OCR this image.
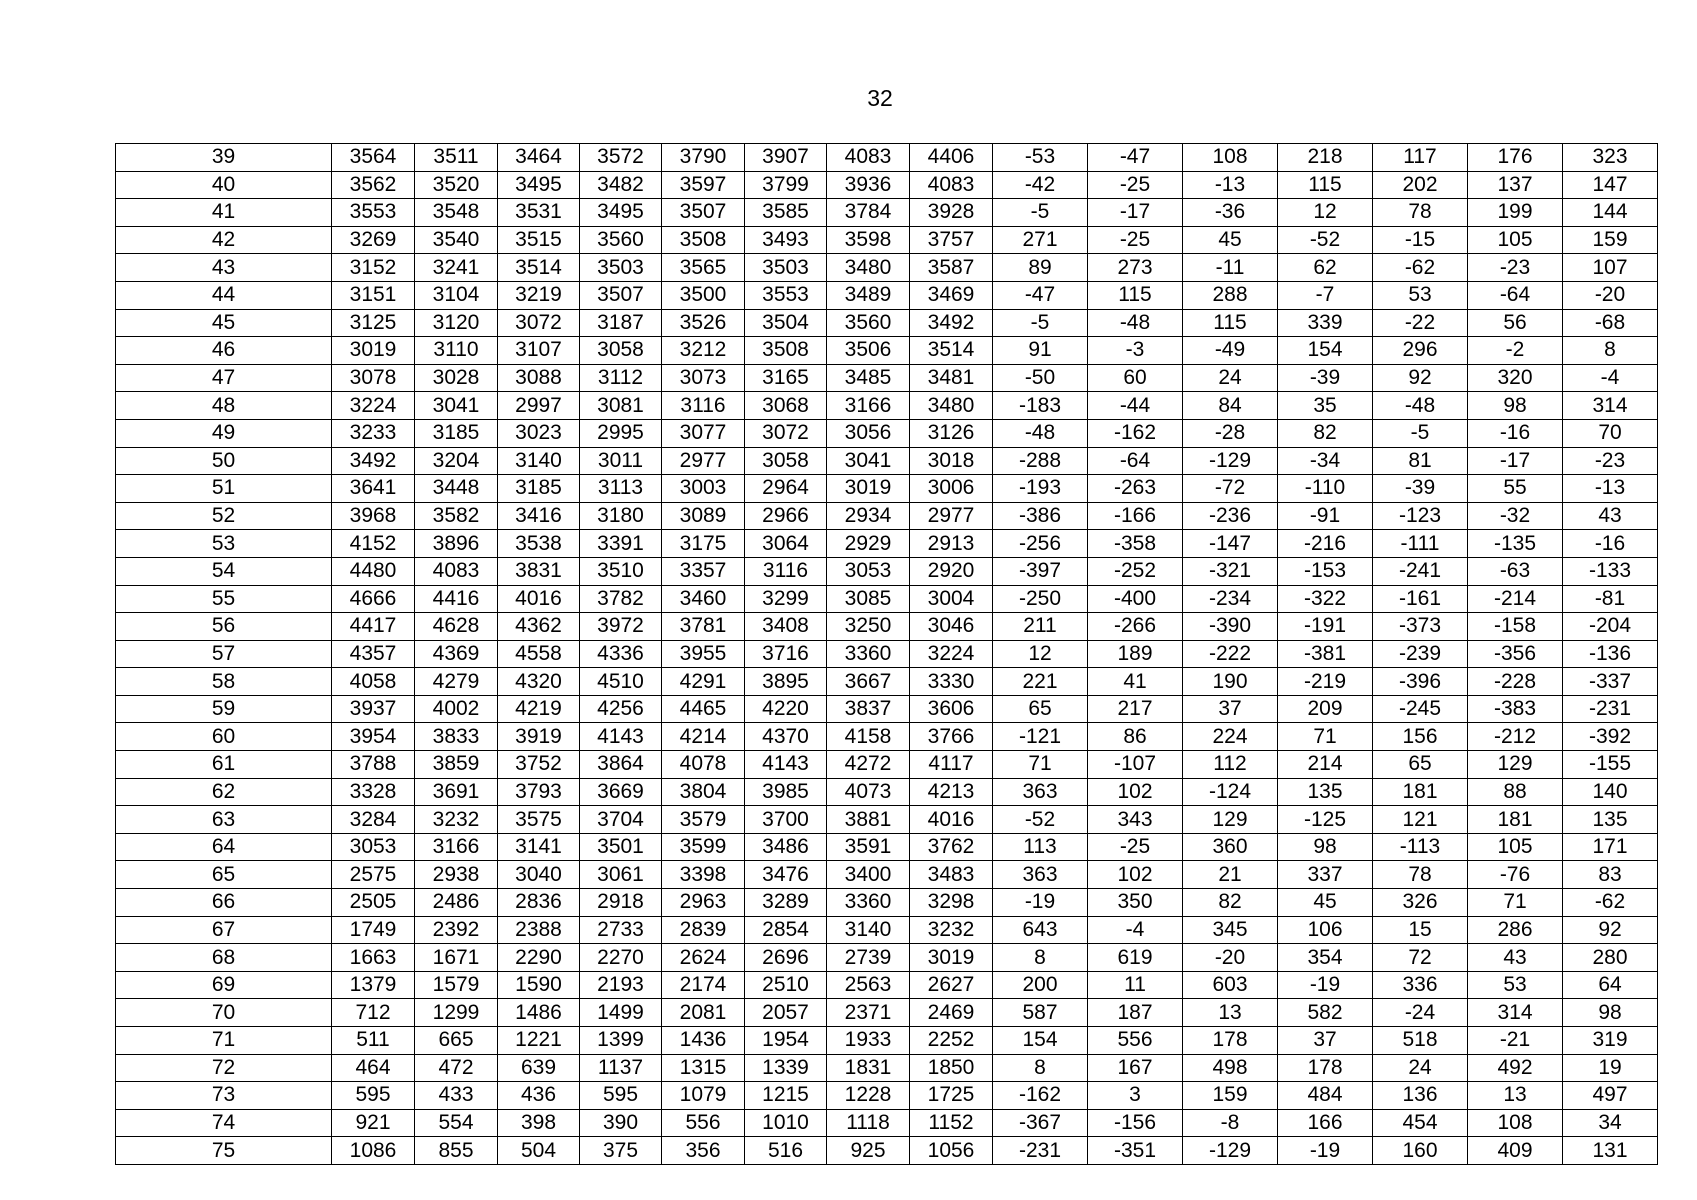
32
39	3564	3511	3464	3572	3790	3907	4083	4406	-53	-47	108	218	117	176	323
40	3562	3520	3495	3482	3597	3799	3936	4083	-42	-25	-13	115	202	137	147
41	3553	3548	3531	3495	3507	3585	3784	3928	-5	-17	-36	12	78	199	144
42	3269	3540	3515	3560	3508	3493	3598	3757	271	-25	45	-52	-15	105	159
43	3152	3241	3514	3503	3565	3503	3480	3587	89	273	-11	62	-62	-23	107
44	3151	3104	3219	3507	3500	3553	3489	3469	-47	115	288	-7	53	-64	-20
45	3125	3120	3072	3187	3526	3504	3560	3492	-5	-48	115	339	-22	56	-68
46	3019	3110	3107	3058	3212	3508	3506	3514	91	-3	-49	154	296	-2	8
47	3078	3028	3088	3112	3073	3165	3485	3481	-50	60	24	-39	92	320	-4
48	3224	3041	2997	3081	3116	3068	3166	3480	-183	-44	84	35	-48	98	314
49	3233	3185	3023	2995	3077	3072	3056	3126	-48	-162	-28	82	-5	-16	70
50	3492	3204	3140	3011	2977	3058	3041	3018	-288	-64	-129	-34	81	-17	-23
51	3641	3448	3185	3113	3003	2964	3019	3006	-193	-263	-72	-110	-39	55	-13
52	3968	3582	3416	3180	3089	2966	2934	2977	-386	-166	-236	-91	-123	-32	43
53	4152	3896	3538	3391	3175	3064	2929	2913	-256	-358	-147	-216	-111	-135	-16
54	4480	4083	3831	3510	3357	3116	3053	2920	-397	-252	-321	-153	-241	-63	-133
55	4666	4416	4016	3782	3460	3299	3085	3004	-250	-400	-234	-322	-161	-214	-81
56	4417	4628	4362	3972	3781	3408	3250	3046	211	-266	-390	-191	-373	-158	-204
57	4357	4369	4558	4336	3955	3716	3360	3224	12	189	-222	-381	-239	-356	-136
58	4058	4279	4320	4510	4291	3895	3667	3330	221	41	190	-219	-396	-228	-337
59	3937	4002	4219	4256	4465	4220	3837	3606	65	217	37	209	-245	-383	-231
60	3954	3833	3919	4143	4214	4370	4158	3766	-121	86	224	71	156	-212	-392
61	3788	3859	3752	3864	4078	4143	4272	4117	71	-107	112	214	65	129	-155
62	3328	3691	3793	3669	3804	3985	4073	4213	363	102	-124	135	181	88	140
63	3284	3232	3575	3704	3579	3700	3881	4016	-52	343	129	-125	121	181	135
64	3053	3166	3141	3501	3599	3486	3591	3762	113	-25	360	98	-113	105	171
65	2575	2938	3040	3061	3398	3476	3400	3483	363	102	21	337	78	-76	83
66	2505	2486	2836	2918	2963	3289	3360	3298	-19	350	82	45	326	71	-62
67	1749	2392	2388	2733	2839	2854	3140	3232	643	-4	345	106	15	286	92
68	1663	1671	2290	2270	2624	2696	2739	3019	8	619	-20	354	72	43	280
69	1379	1579	1590	2193	2174	2510	2563	2627	200	11	603	-19	336	53	64
70	712	1299	1486	1499	2081	2057	2371	2469	587	187	13	582	-24	314	98
71	511	665	1221	1399	1436	1954	1933	2252	154	556	178	37	518	-21	319
72	464	472	639	1137	1315	1339	1831	1850	8	167	498	178	24	492	19
73	595	433	436	595	1079	1215	1228	1725	-162	3	159	484	136	13	497
74	921	554	398	390	556	1010	1118	1152	-367	-156	-8	166	454	108	34
75	1086	855	504	375	356	516	925	1056	-231	-351	-129	-19	160	409	131
